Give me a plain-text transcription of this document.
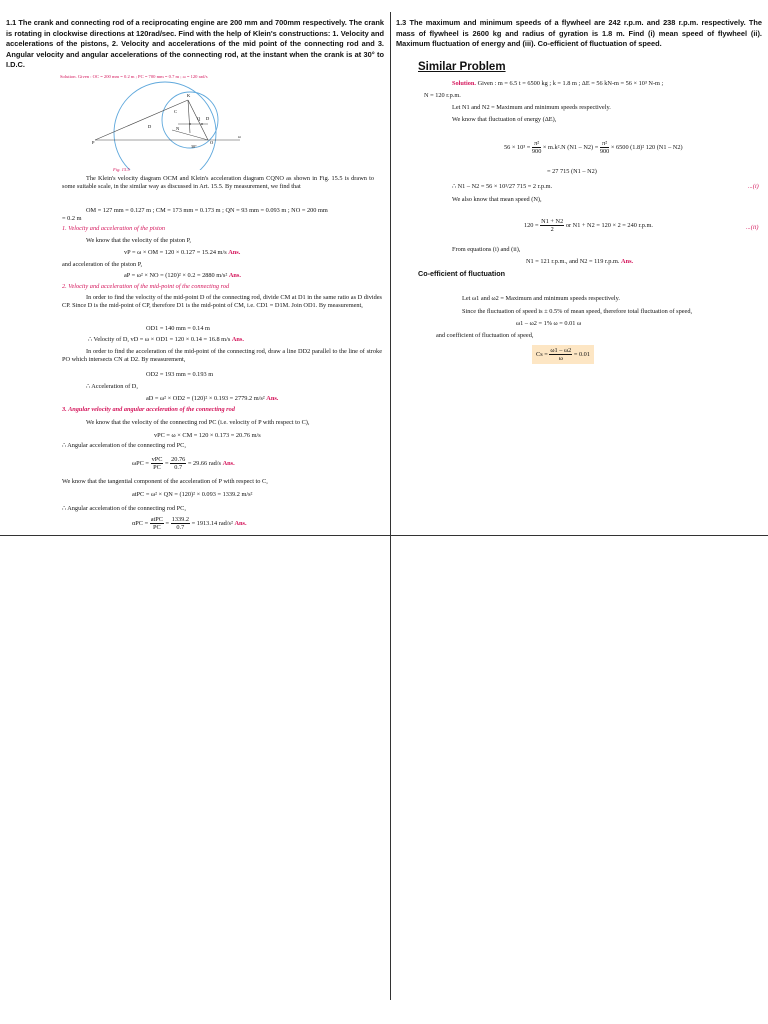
1.1 The crank and connecting rod of a reciprocating engine are 200 mm and 700mm respectively. The crank is rotating in clockwise directions at 120rad/sec. Find with the help of Klein's constructions: 1. Velocity and accelerations of the pistons, 2. Velocity and accelerations of the mid point of the connecting rod and 3. Angular velocity and angular accelerations of the connecting rod, at the instant when the crank is at 30° to I.D.C.
Solution. Given : OC = 200 mm = 0.2 m ; PC = 700 mm = 0.7 m ; ω = 120 rad/s
K
C
Q D
N
D
O
P
30°
ω
Fig. 15.5
The Klein's velocity diagram OCM and Klein's acceleration diagram CQNO as shown in Fig. 15.5 is drawn to some suitable scale, in the similar way as discussed in Art. 15.5. By measurement, we find that
OM = 127 mm = 0.127 m ; CM = 173 mm = 0.173 m ; QN = 93 mm = 0.093 m ; NO = 200 mm
= 0.2 m
1. Velocity and acceleration of the piston
We know that the velocity of the piston P,
vP = ω × OM = 120 × 0.127 = 15.24 m/s Ans.
and acceleration of the piston P,
aP = ω² × NO = (120)² × 0.2 = 2880 m/s² Ans.
2. Velocity and acceleration of the mid-point of the connecting rod
In order to find the velocity of the mid-point D of the connecting rod, divide CM at D1 in the same ratio as D divides CP. Since D is the mid-point of CP, therefore D1 is the mid-point of CM, i.e. CD1 = D1M. Join OD1. By measurement,
OD1 = 140 mm = 0.14 m
∴ Velocity of D, vD = ω × OD1 = 120 × 0.14 = 16.8 m/s Ans.
In order to find the acceleration of the mid-point of the connecting rod, draw a line DD2 parallel to the line of stroke PO which intersects CN at D2. By measurement,
OD2 = 193 mm = 0.193 m
∴ Acceleration of D,
aD = ω² × OD2 = (120)² × 0.193 = 2779.2 m/s² Ans.
3. Angular velocity and angular acceleration of the connecting rod
We know that the velocity of the connecting rod PC (i.e. velocity of P with respect to C),
vPC = ω × CM = 120 × 0.173 = 20.76 m/s
∴ Angular acceleration of the connecting rod PC,
$\omega PC = \frac{\text{vPC}}{PC} = \frac{20.76}{0.7} = 29.66$ rad/s Ans.
We know that the tangential component of the acceleration of P with respect to C,
atPC = ω² × QN = (120)² × 0.093 = 1339.2 m/s²
∴ Angular acceleration of the connecting rod PC,
$\alpha PC = \frac{\text{atPC}}{PC} = \frac{1339.2}{0.7} = 1913.14$ rad/s² Ans.
1.3 The maximum and minimum speeds of a flywheel are 242 r.p.m. and 238 r.p.m. respectively. The mass of flywheel is 2600 kg and radius of gyration is 1.8 m. Find (i) mean speed of flywheel (ii). Maximum fluctuation of energy and (iii). Co-efficient of fluctuation of speed.
Similar Problem
Solution. Given : m = 6.5 t = 6500 kg ; k = 1.8 m ; ΔE = 56 kN-m = 56 × 10³ N-m ;
N = 120 r.p.m.
Let N1 and N2 = Maximum and minimum speeds respectively.
We know that fluctuation of energy (ΔE),
$56 \times 10^3 = \frac{\text{π²}}{900} \times m.k^2.N$ $(N1 - N2) = \frac{\text{π²}}{900} \times 6500$ (1.8)² 120 (N1 – N2)
= 27 715 (N1 – N2)
∴ N1 – N2 = 56 × 10³/27 715 = 2 r.p.m.	...(i)
We also know that mean speed (N),
$120 = \frac{N1 + N2}{2}$ or N1 + N2 = 120 × 2 = 240 r.p.m.	...(ii)
From equations (i) and (ii),
N1 = 121 r.p.m., and N2 = 119 r.p.m. Ans.
Co-efficient of fluctuation
Let ω1 and ω2 = Maximum and minimum speeds respectively.
Since the fluctuation of speed is ± 0.5% of mean speed, therefore total fluctuation of speed,
ω1 – ω2 = 1% ω = 0.01 ω
and coefficient of fluctuation of speed,
$Cs = \frac{\omega 1 - \omega 2}{\omega} = 0.01$
